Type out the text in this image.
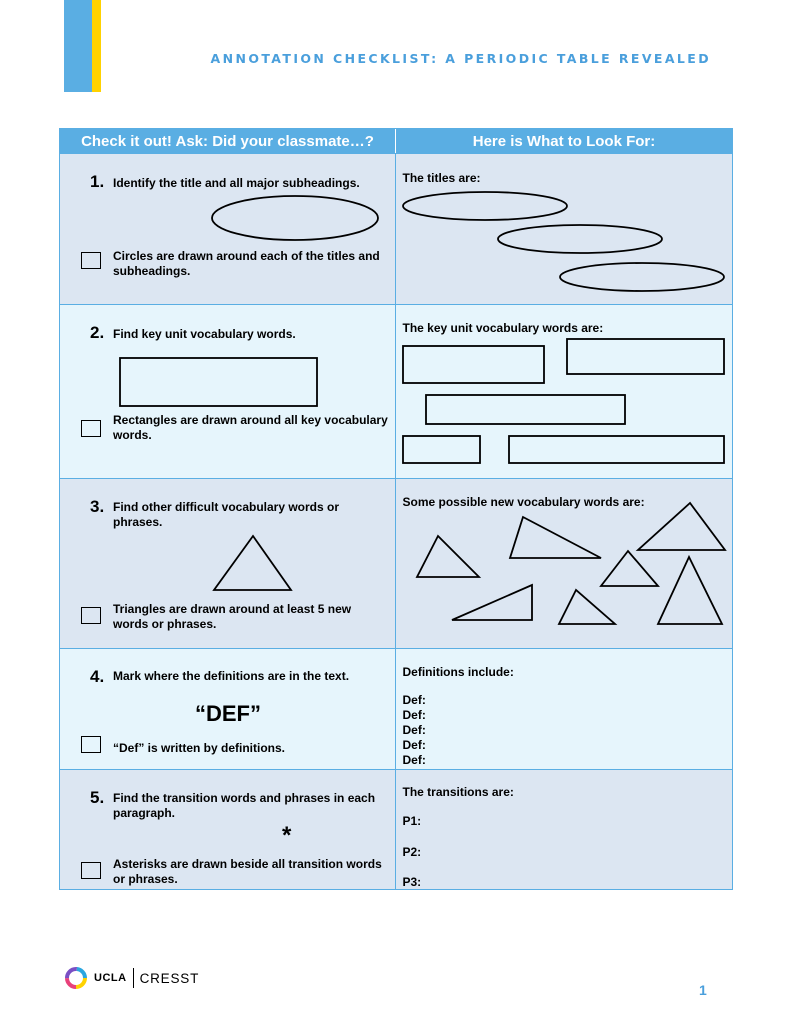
ANNOTATION CHECKLIST: A PERIODIC TABLE REVEALED
Check it out! Ask: Did your classmate…?	Here is What to Look For:
1. Identify the title and all major subheadings.
Circles are drawn around each of the titles and subheadings.
The titles are:
2. Find key unit vocabulary words.
Rectangles are drawn around all key vocabulary words.
The key unit vocabulary words are:
3. Find other difficult vocabulary words or phrases.
Triangles are drawn around at least 5 new words or phrases.
Some possible new vocabulary words are:
4. Mark where the definitions are in the text.
“DEF”
“Def” is written by definitions.
Definitions include:
Def:
Def:
Def:
Def:
Def:
5. Find the transition words and phrases in each paragraph.
*
Asterisks are drawn beside all transition words or phrases.
The transitions are:
P1:
P2:
P3:
UCLA CRESST
1
